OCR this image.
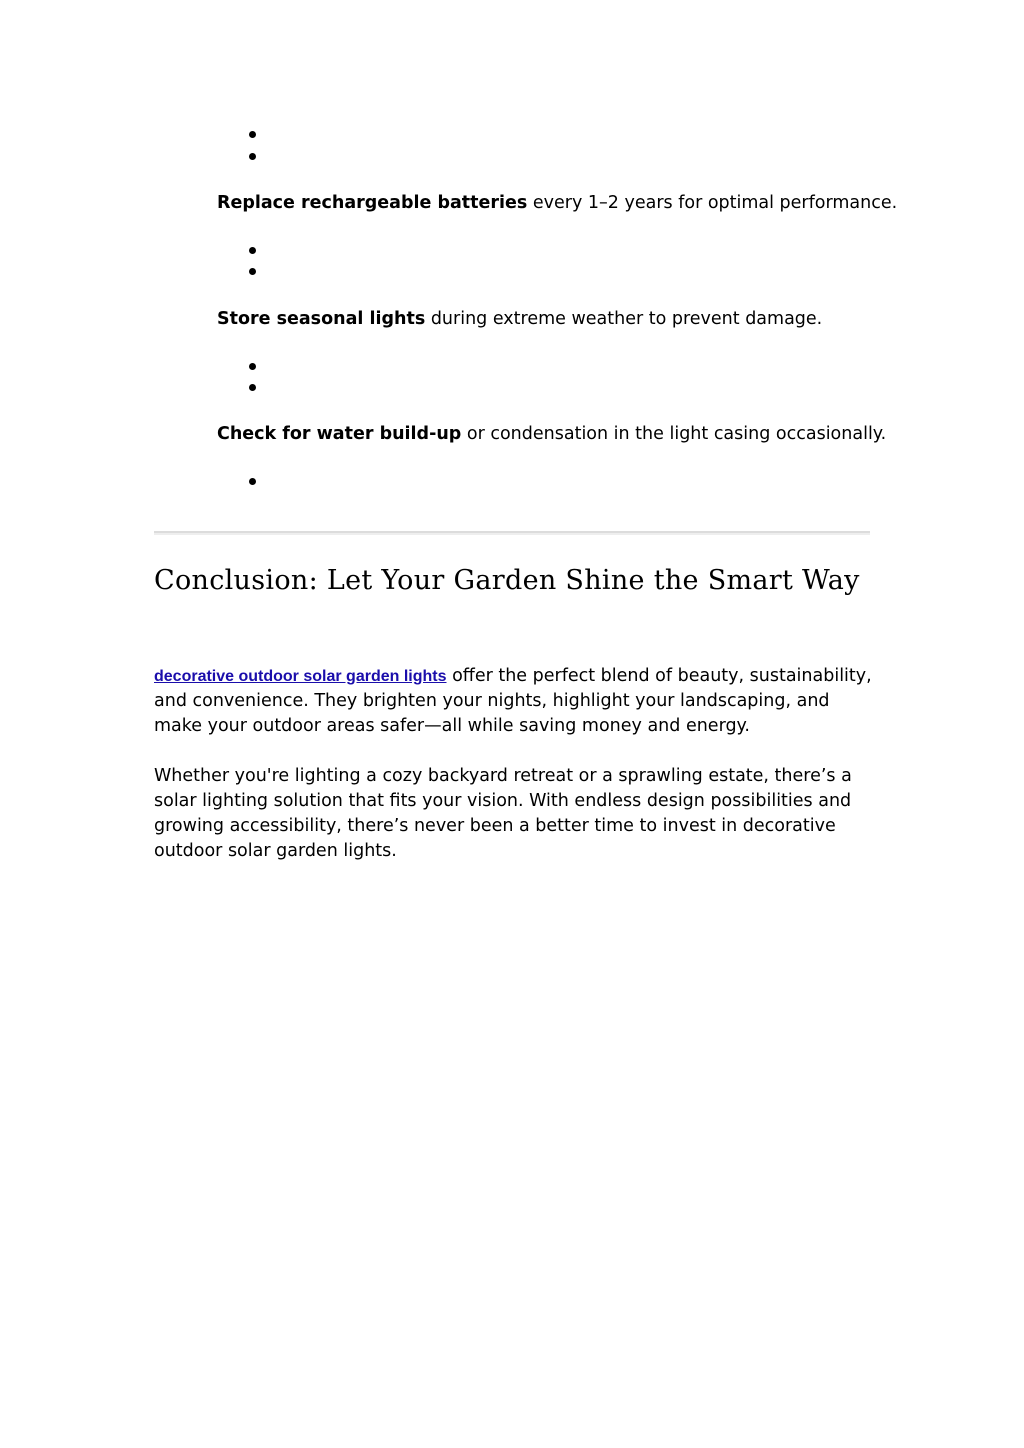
Replace rechargeable batteries every 1–2 years for optimal performance.

Store seasonal lights during extreme weather to prevent damage.

Check for water build-up or condensation in the light casing occasionally.

Conclusion: Let Your Garden Shine the Smart Way

decorative outdoor solar garden lights offer the perfect blend of beauty, sustainability, and convenience. They brighten your nights, highlight your landscaping, and make your outdoor areas safer—all while saving money and energy.

Whether you're lighting a cozy backyard retreat or a sprawling estate, there’s a solar lighting solution that fits your vision. With endless design possibilities and growing accessibility, there’s never been a better time to invest in decorative outdoor solar garden lights.
